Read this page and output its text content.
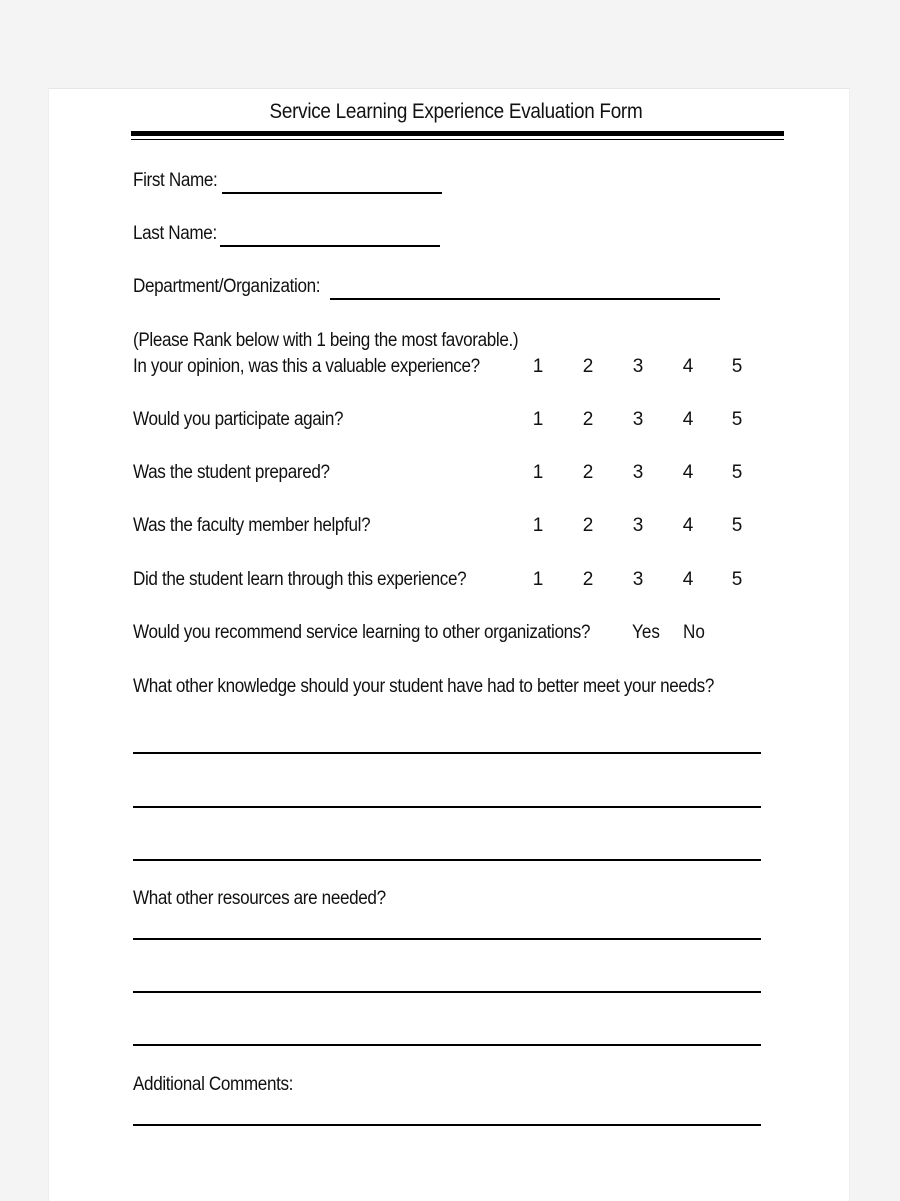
Service Learning Experience Evaluation Form
First Name:
Last Name:
Department/Organization:
(Please Rank below with 1 being the most favorable.)
In your opinion, was this a valuable experience?	1 2 3 4 5
Would you participate again?	1 2 3 4 5
Was the student prepared?	1 2 3 4 5
Was the faculty member helpful?	1 2 3 4 5
Did the student learn through this experience?	1 2 3 4 5
Would you recommend service learning to other organizations? Yes No
What other knowledge should your student have had to better meet your needs?
What other resources are needed?
Additional Comments:
